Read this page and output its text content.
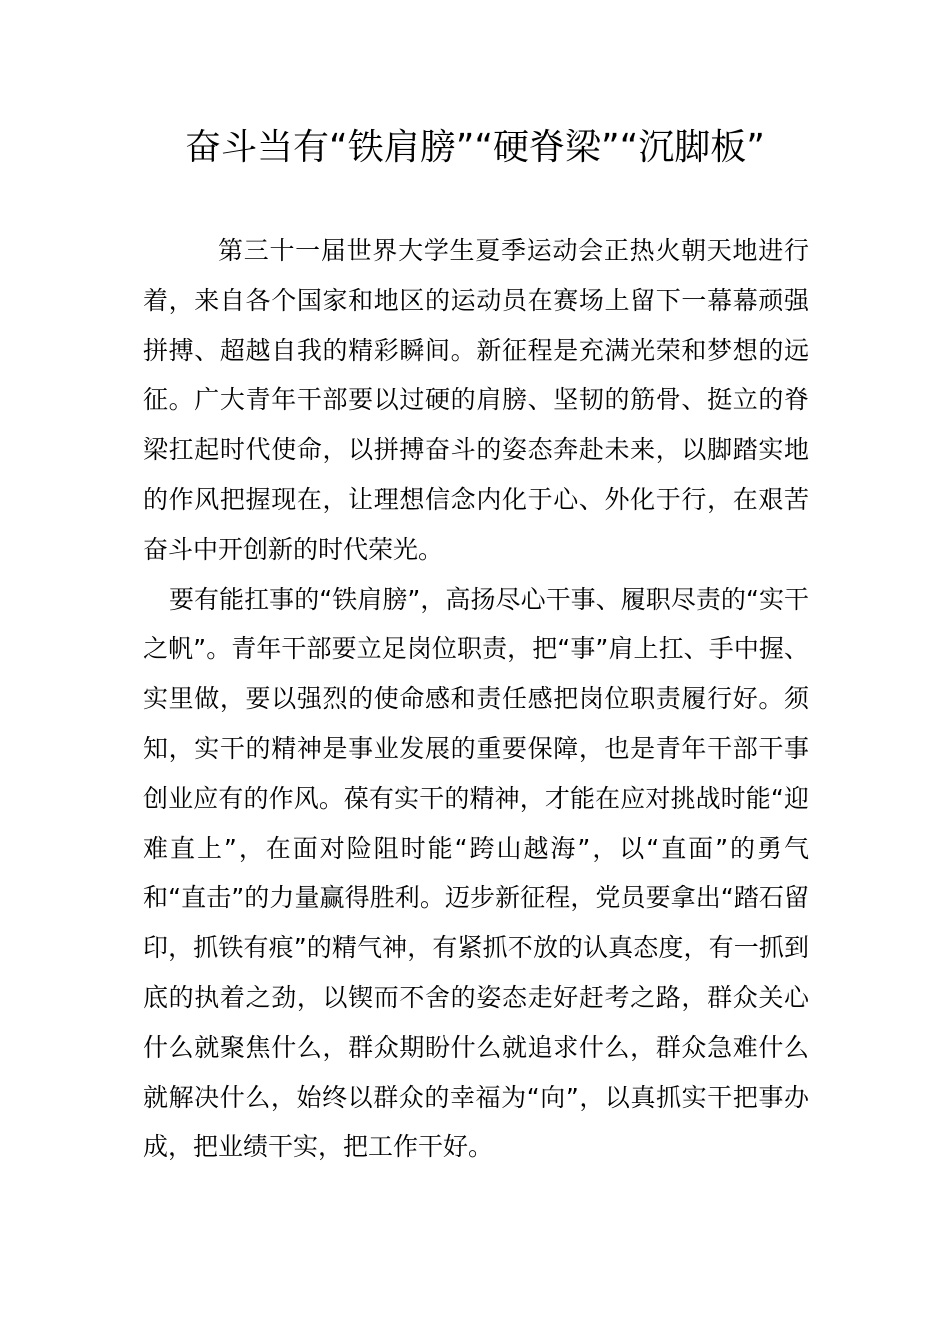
奋斗当有“铁肩膀”“硬脊梁”“沉脚板”

第三十一届世界大学生夏季运动会正热火朝天地进行着，来自各个国家和地区的运动员在赛场上留下一幕幕顽强拼搏、超越自我的精彩瞬间。新征程是充满光荣和梦想的远征。广大青年干部要以过硬的肩膀、坚韧的筋骨、挺立的脊梁扛起时代使命，以拼搏奋斗的姿态奔赴未来，以脚踏实地的作风把握现在，让理想信念内化于心、外化于行，在艰苦奋斗中开创新的时代荣光。

要有能扛事的“铁肩膀”，高扬尽心干事、履职尽责的“实干之帆”。青年干部要立足岗位职责，把“事”肩上扛、手中握、实里做，要以强烈的使命感和责任感把岗位职责履行好。须知，实干的精神是事业发展的重要保障，也是青年干部干事创业应有的作风。葆有实干的精神，才能在应对挑战时能“迎难直上”，在面对险阻时能“跨山越海”，以“直面”的勇气和“直击”的力量赢得胜利。迈步新征程，党员要拿出“踏石留印，抓铁有痕”的精气神，有紧抓不放的认真态度，有一抓到底的执着之劲，以锲而不舍的姿态走好赶考之路，群众关心什么就聚焦什么，群众期盼什么就追求什么，群众急难什么就解决什么，始终以群众的幸福为“向”，以真抓实干把事办成，把业绩干实，把工作干好。
